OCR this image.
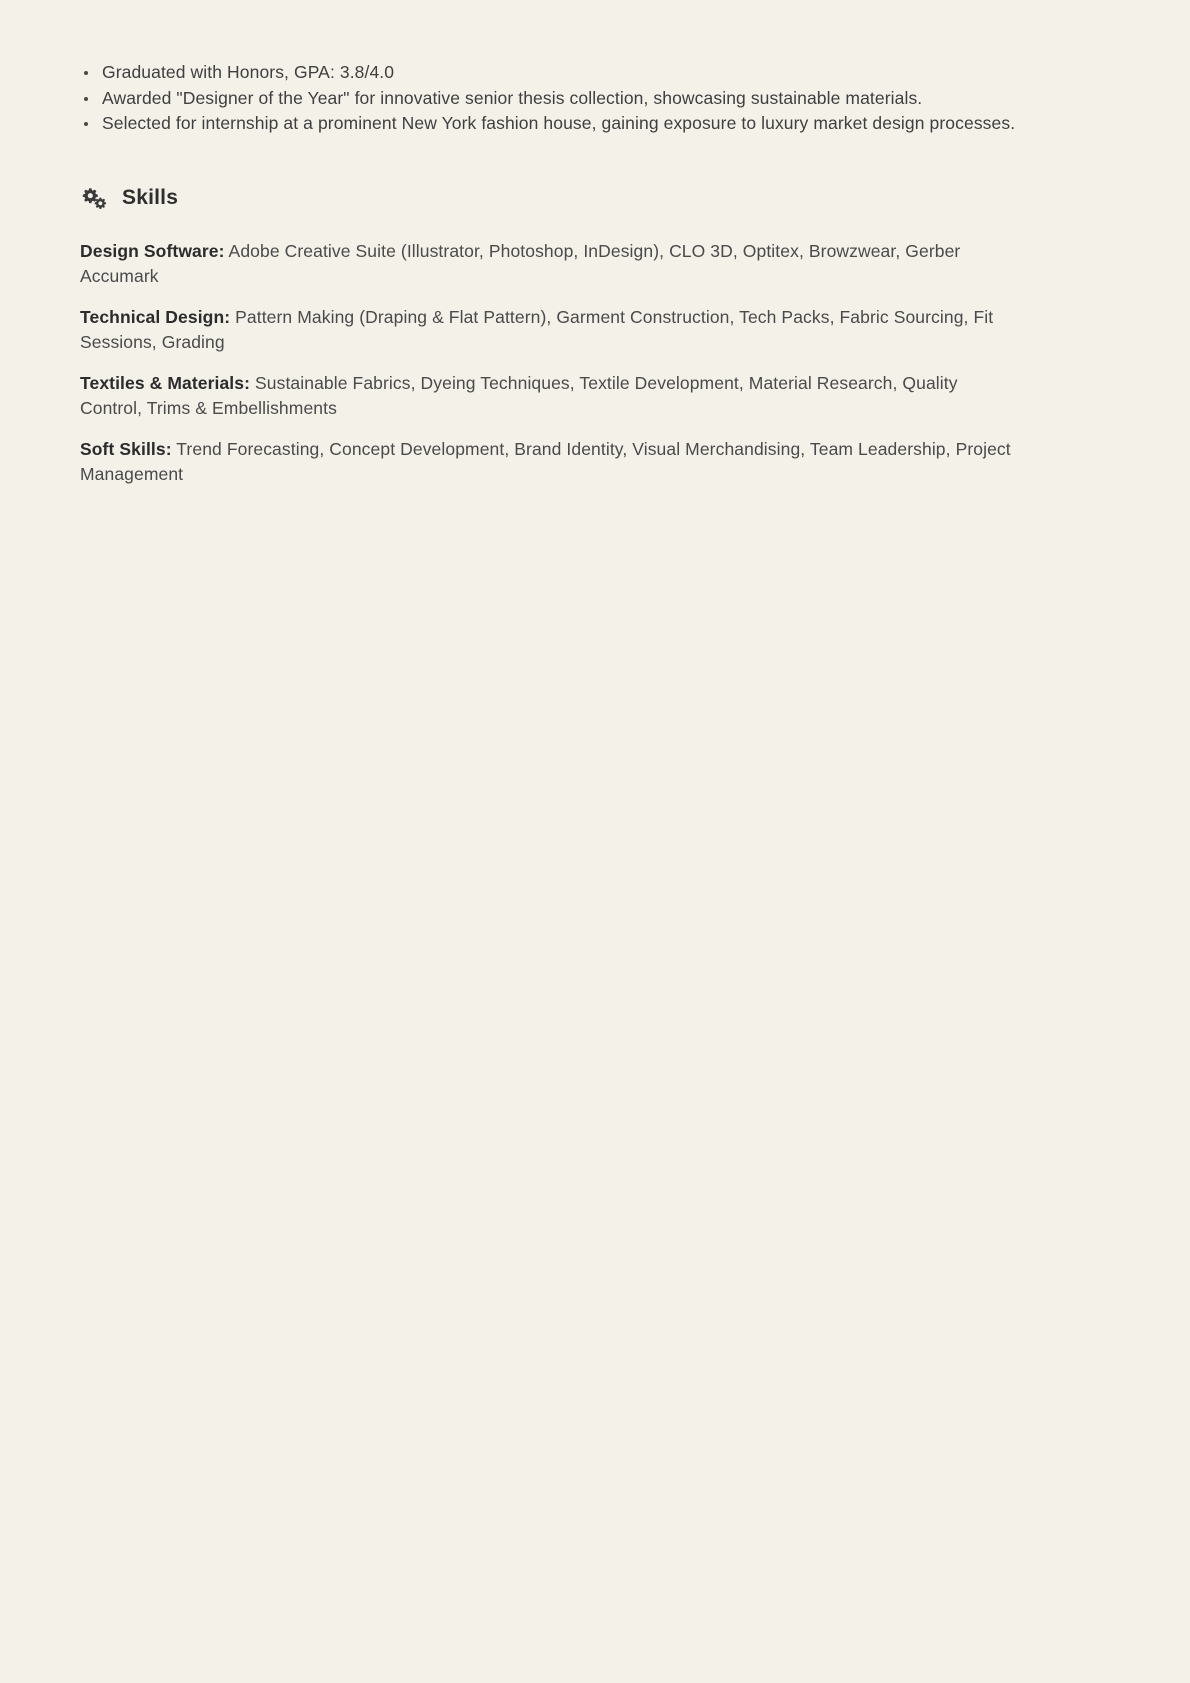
Graduated with Honors, GPA: 3.8/4.0
Awarded "Designer of the Year" for innovative senior thesis collection, showcasing sustainable materials.
Selected for internship at a prominent New York fashion house, gaining exposure to luxury market design processes.
Skills

Design Software: Adobe Creative Suite (Illustrator, Photoshop, InDesign), CLO 3D, Optitex, Browzwear, Gerber Accumark

Technical Design: Pattern Making (Draping & Flat Pattern), Garment Construction, Tech Packs, Fabric Sourcing, Fit Sessions, Grading

Textiles & Materials: Sustainable Fabrics, Dyeing Techniques, Textile Development, Material Research, Quality Control, Trims & Embellishments

Soft Skills: Trend Forecasting, Concept Development, Brand Identity, Visual Merchandising, Team Leadership, Project Management
